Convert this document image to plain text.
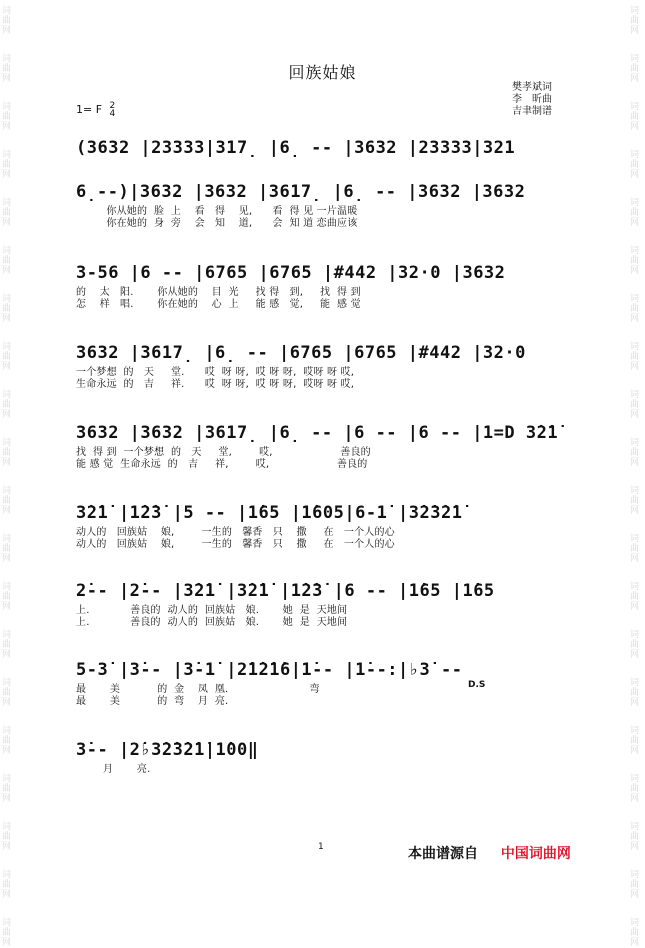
词曲网
词曲网
词曲网
词曲网
词曲网
词曲网
词曲网
词曲网
词曲网
词曲网
词曲网
词曲网
词曲网
词曲网
词曲网
词曲网
词曲网
词曲网
词曲网
词曲网
词曲网
词曲网
词曲网
词曲网
词曲网
词曲网
词曲网
词曲网
词曲网
词曲网
词曲网
词曲网
词曲网
词曲网
词曲网
词曲网
词曲网
词曲网
词曲网
词曲网
回族姑娘
樊孝斌词
李　昕曲
吉聿制谱
1= F 2
4
(3632 |23333|317̣ |6̣ -- |3632 |23333|321
6̣--)|3632 |3632 |3617̣ |6̣ -- |3632 |3632
你从她的  脸  上    看   得    见,      看  得 见 一片温暖
你在她的  身  旁    会   知    道,      会  知 道 恋曲应该
3-56 |6 -- |6765 |6765 |#442 |32·0 |3632
的    太   阳.       你从她的    目  光     找 得   到,     找  得 到
怎    样   唱.       你在她的    心  上     能 感   觉,     能  感 觉
3632 |3617̣ |6̣ -- |6765 |6765 |#442 |32·0
一个梦想  的   天     堂.      哎  呀 呀,  哎 呀 呀,  哎呀 呀 哎,
生命永远  的   吉     祥.      哎  呀 呀,  哎 呀 呀,  哎呀 呀 哎,
3632 |3632 |3617̣ |6̣ -- |6 -- |6 -- |1=D 3̇2̇1̇
找  得 到  一个梦想  的   天     堂,        哎,                    善良的
能 感 觉  生命永远  的   吉     祥,        哎,                    善良的
3̇2̇1̇ |1̇2̇3̇ |5 -- |1̇65 |1̇605|6-1̇ |3̇2̇3̇2̇1̇
动人的   回族姑    娘,        一生的   馨香   只    撒     在   一个人的心
动人的   回族姑    娘,        一生的   馨香   只    撒     在   一个人的心
2̇-- |2̇-- |3̇2̇1̇ |3̇2̇1̇ |1̇2̇3̇ |6 -- |1̇65 |1̇65
上.            善良的  动人的  回族姑   娘.       她  是  天地间
上.            善良的  动人的  回族姑   娘.       她  是  天地间
5-3̇ |3̇-- |3̇-1̇ |2̇1̇2̇1̇6|1̇-- |1̇--:|♭3̇ --
最       美           的  金    凤  凰.                        弯
最       美           的  弯    月  亮.
D.S
3̇-- |2̇♭3̇2̇3̇2̇1̇|1̇00‖
月       亮.
1	本曲谱源自 中国词曲网
